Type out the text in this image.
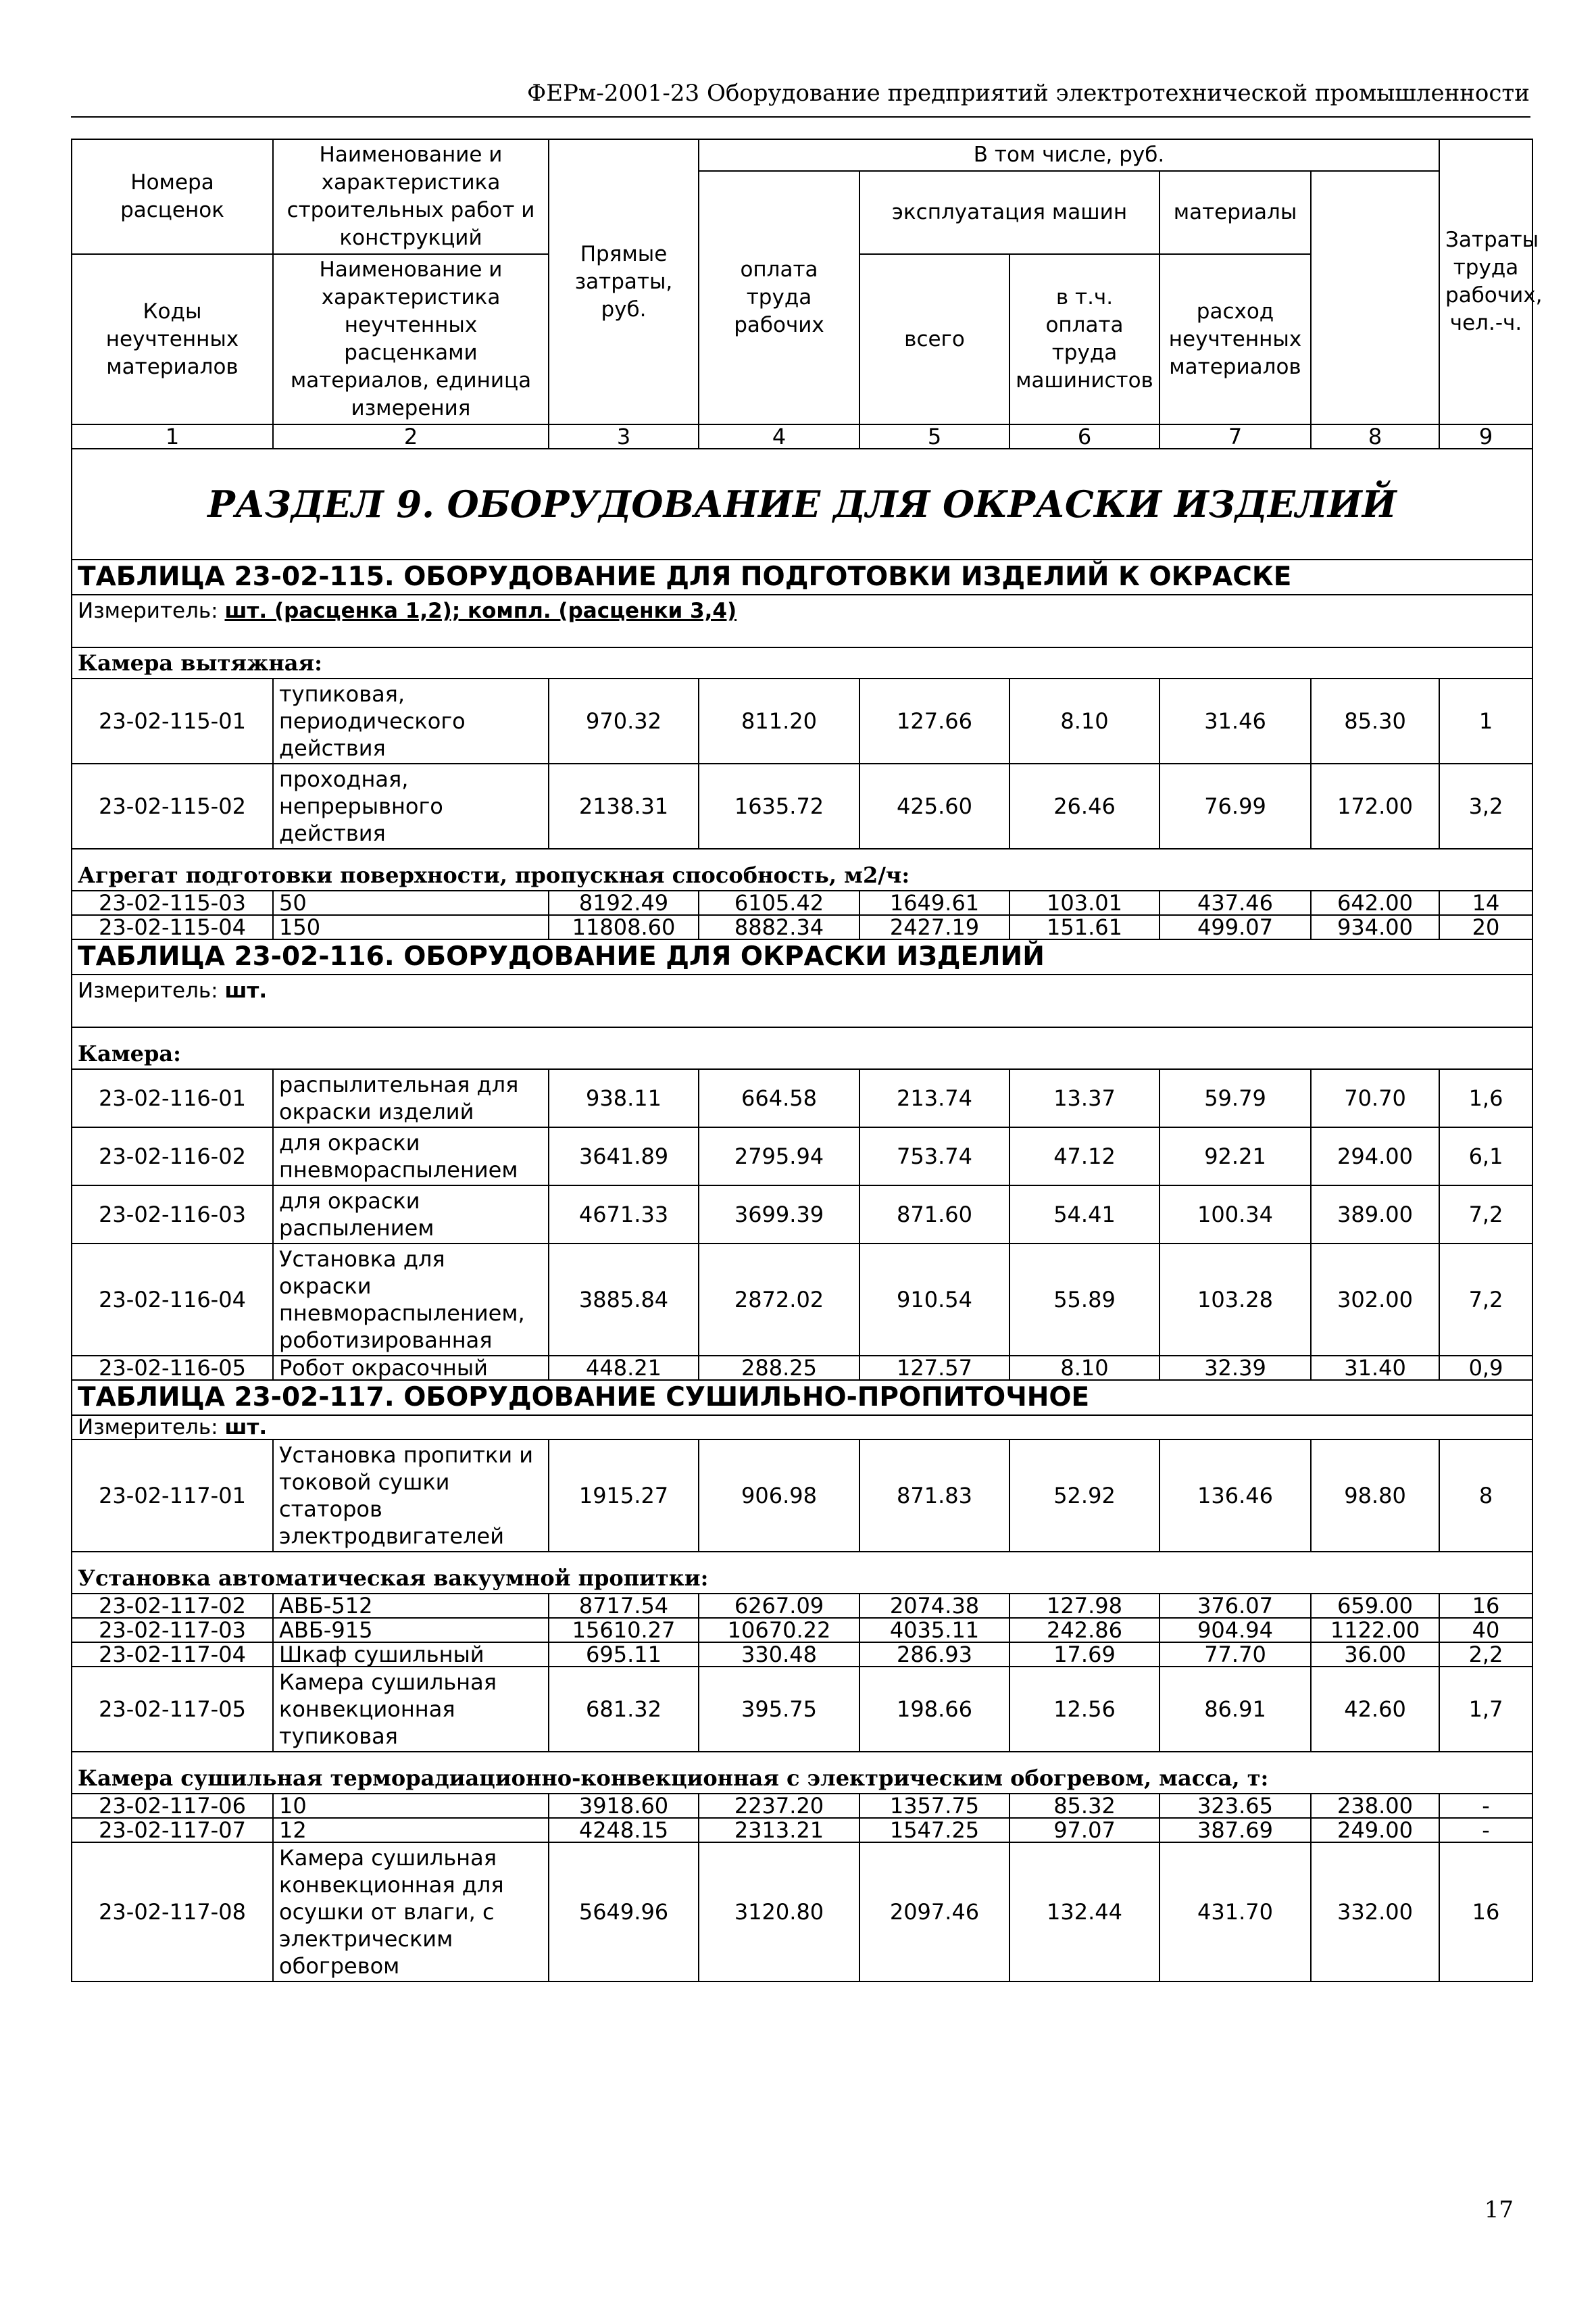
ФЕРм-2001-23 Оборудование предприятий электротехнической промышленности
Номера расценок	Наименование и характеристика строительных работ и конструкций	Прямые затраты, руб.	В том числе, руб.					Затраты труда рабочих, чел.-ч.	
			оплата труда рабочих	эксплуатация машин		материалы			
Коды неучтенных материалов	Наименование и характеристика неучтенных расценками материалов, единица измерения			всего	в т.ч. оплата труда машинистов	расход неучтенных материалов			

1	2	3	4	5	6	7	8	9	
РАЗДЕЛ 9. ОБОРУДОВАНИЕ ДЛЯ ОКРАСКИ ИЗДЕЛИЙ									
ТАБЛИЦА 23-02-115. ОБОРУДОВАНИЕ ДЛЯ ПОДГОТОВКИ ИЗДЕЛИЙ К ОКРАСКЕ									
Измеритель: шт. (расценка 1,2); компл. (расценки 3,4)									
Камера вытяжная:									
23-02-115-01	тупиковая, периодического действия	970.32	811.20	127.66	8.10	31.46	85.30	1	
23-02-115-02	проходная, непрерывного действия	2138.31	1635.72	425.60	26.46	76.99	172.00	3,2	
Агрегат подготовки поверхности, пропускная способность, м2/ч:									
23-02-115-03	50	8192.49	6105.42	1649.61	103.01	437.46	642.00	14	
23-02-115-04	150	11808.60	8882.34	2427.19	151.61	499.07	934.00	20	
ТАБЛИЦА 23-02-116. ОБОРУДОВАНИЕ ДЛЯ ОКРАСКИ ИЗДЕЛИЙ									
Измеритель: шт.									
Камера:									
23-02-116-01	распылительная для окраски изделий	938.11	664.58	213.74	13.37	59.79	70.70	1,6	
23-02-116-02	для окраски пневмораспылением	3641.89	2795.94	753.74	47.12	92.21	294.00	6,1	
23-02-116-03	для окраски распылением	4671.33	3699.39	871.60	54.41	100.34	389.00	7,2	
23-02-116-04	Установка для окраски пневмораспылением, роботизированная	3885.84	2872.02	910.54	55.89	103.28	302.00	7,2	
23-02-116-05	Робот окрасочный	448.21	288.25	127.57	8.10	32.39	31.40	0,9	
ТАБЛИЦА 23-02-117. ОБОРУДОВАНИЕ СУШИЛЬНО-ПРОПИТОЧНОЕ									
Измеритель: шт.									
23-02-117-01	Установка пропитки и токовой сушки статоров электродвигателей	1915.27	906.98	871.83	52.92	136.46	98.80	8	
Установка автоматическая вакуумной пропитки:									
23-02-117-02	АВБ-512	8717.54	6267.09	2074.38	127.98	376.07	659.00	16	
23-02-117-03	АВБ-915	15610.27	10670.22	4035.11	242.86	904.94	1122.00	40	
23-02-117-04	Шкаф сушильный	695.11	330.48	286.93	17.69	77.70	36.00	2,2	
23-02-117-05	Камера сушильная конвекционная тупиковая	681.32	395.75	198.66	12.56	86.91	42.60	1,7	
Камера сушильная терморадиационно-конвекционная с электрическим обогревом, масса, т:									
23-02-117-06	10	3918.60	2237.20	1357.75	85.32	323.65	238.00	-	
23-02-117-07	12	4248.15	2313.21	1547.25	97.07	387.69	249.00	-	
23-02-117-08	Камера сушильная конвекционная для осушки от влаги, с электрическим обогревом	5649.96	3120.80	2097.46	132.44	431.70	332.00	16	
17
